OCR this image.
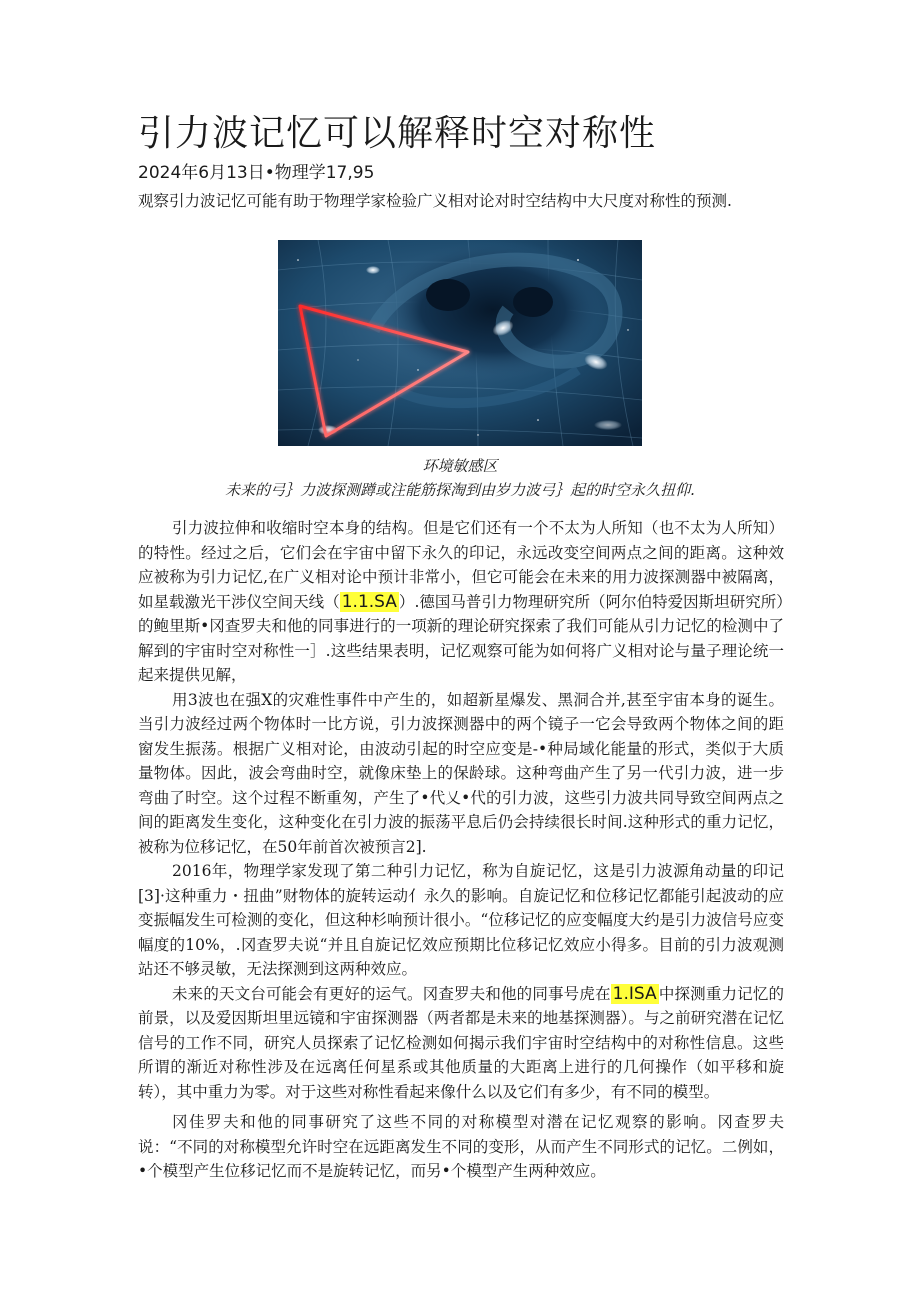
引力波记忆可以解释时空对称性
2024年6月13日•物理学17,95
观察引力波记忆可能有助于物理学家检验广义相对论对时空结构中大尺度对称性的预测.
环境敏感区
未来的弓｝力波探测蹲或注能筋探淘到由岁力波弓｝起的时空永久扭仰.

引力波拉伸和收缩时空本身的结构。但是它们还有一个不太为人所知（也不太为人所知）的特性。经过之后，它们会在宇宙中留下永久的印记，永远改变空间两点之间的距离。这种效应被称为引力记忆,在广义相对论中预计非常小，但它可能会在未来的用力波探测器中被隔离，如星载激光干涉仪空间天线（ 1.1.SA ）.德国马普引力物理研究所（阿尔伯特爱因斯坦研究所）的鲍里斯•冈查罗夫和他的同事进行的一项新的理论研究探索了我们可能从引力记忆的检测中了解到的宇宙时空对称性一］.这些结果表明，记忆观察可能为如何将广义相对论与量子理论统一起来提供见解，

用3波也在强X的灾难性事件中产生的，如超新星爆发、黑洞合并,甚至宇宙本身的诞生。当引力波经过两个物体时一比方说，引力波探测器中的两个镜子一它会导致两个物体之间的距窗发生振荡。根据广义相对论，由波动引起的时空应变是-•种局域化能量的形式，类似于大质量物体。因此，波会弯曲时空，就像床垫上的保龄球。这种弯曲产生了另一代引力波，进一步弯曲了时空。这个过程不断重匆，产生了•代乂•代的引力波，这些引力波共同导致空间两点之间的距离发生变化，这种变化在引力波的振荡平息后仍会持续很长时间.这种形式的重力记忆，被称为位移记忆，在50年前首次被预言2].

2016年，物理学家发现了第二种引力记忆，称为自旋记忆，这是引力波源角动量的印记[3]·这种重力・扭曲”财物体的旋转运动亻永久的影响。自旋记忆和位移记忆都能引起波动的应变振幅发生可检测的变化，但这种杉响预计很小。“位移记忆的应变幅度大约是引力波信号应变幅度的10%，.冈查罗夫说“并且自旋记忆效应预期比位移记忆效应小得多。目前的引力波观测站还不够灵敏，无法探测到这两种效应。

未来的天文台可能会有更好的运气。冈查罗夫和他的同事号虎在 1.ISA 中探测重力记忆的前景，以及爱因斯坦里远镜和宇宙探测器（两者都是未来的地基探测器）。与之前研究潜在记忆信号的工作不同，研究人员探索了记忆检测如何揭示我们宇宙时空结构中的对称性信息。这些所谓的渐近对称性涉及在远离任何星系或其他质量的大距离上进行的几何操作（如平移和旋转），其中重力为零。对于这些对称性看起来像什么以及它们有多少，有不同的模型。

冈佳罗夫和他的同事研究了这些不同的对称模型对潜在记忆观察的影响。冈查罗夫说：“不同的对称模型允许时空在远距离发生不同的变形，从而产生不同形式的记忆。二例如，•个模型产生位移记忆而不是旋转记忆，而另•个模型产生两种效应。
